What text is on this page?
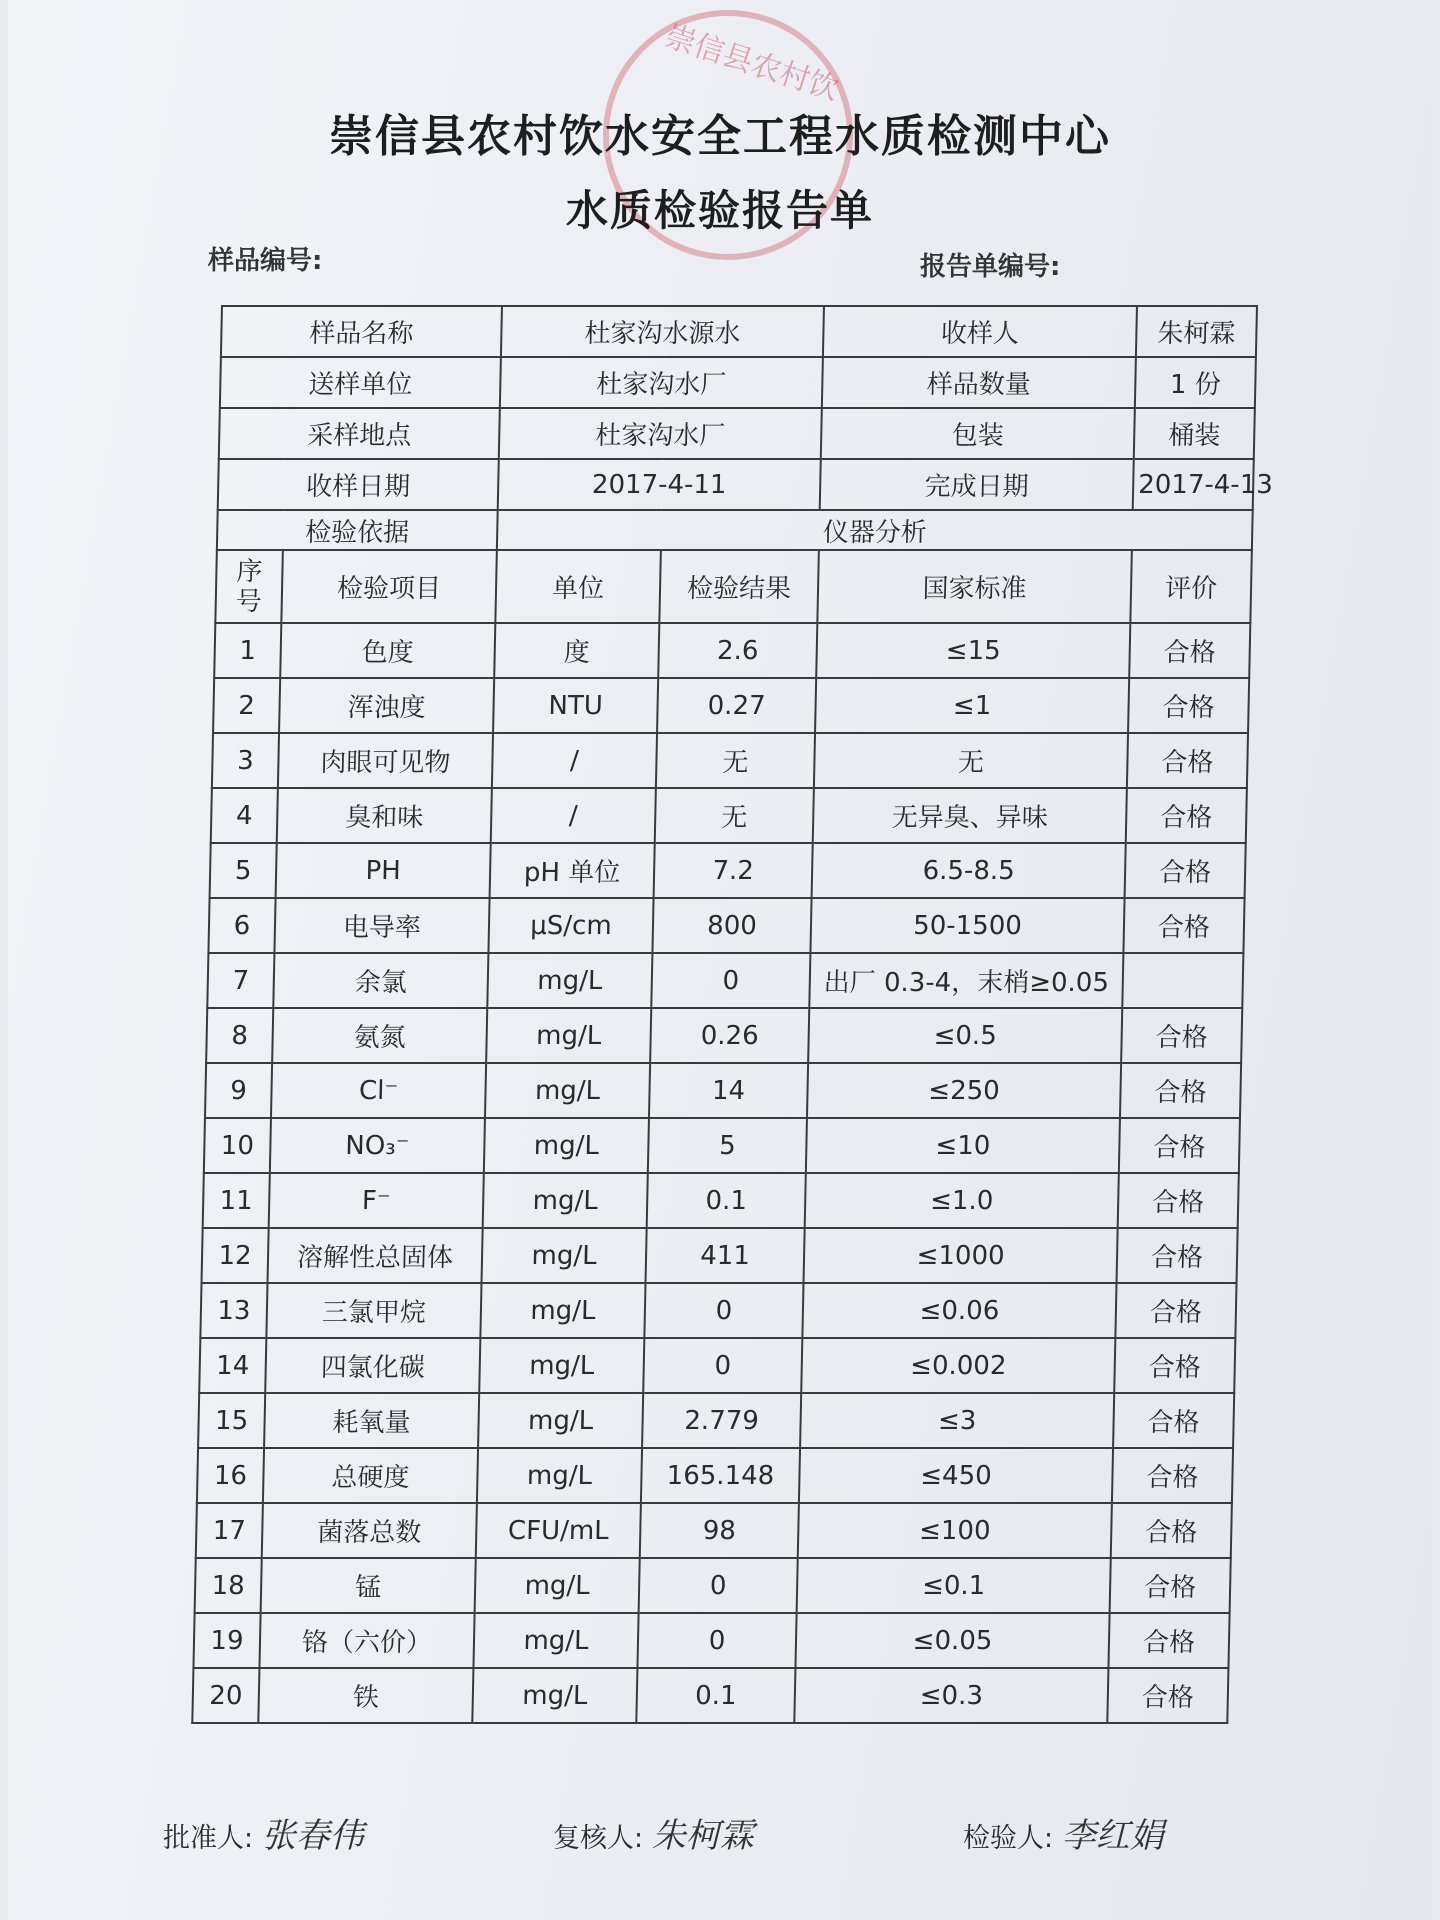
崇信县农村饮
崇信县农村饮水安全工程水质检测中心
水质检验报告单
样品编号:	报告单编号:
样品名称		杜家沟水源水		收样人	朱柯霖
送样单位		杜家沟水厂		样品数量	1 份
采样地点		杜家沟水厂		包装	桶装
收样日期		2017-4-11		完成日期	2017-4-13
检验依据		仪器分析			
序
号	检验项目	单位	检验结果	国家标准	评价
1	色度	度	2.6	≤15	合格
2	浑浊度	NTU	0.27	≤1	合格
3	肉眼可见物	/	无	无	合格
4	臭和味	/	无	无异臭、异味	合格
5	PH	pH 单位	7.2	6.5-8.5	合格
6	电导率	µS/cm	800	50-1500	合格
7	余氯	mg/L	0	出厂 0.3-4，末梢≥0.05	
8	氨氮	mg/L	0.26	≤0.5	合格
9	Cl⁻	mg/L	14	≤250	合格
10	NO₃⁻	mg/L	5	≤10	合格
11	F⁻	mg/L	0.1	≤1.0	合格
12	溶解性总固体	mg/L	411	≤1000	合格
13	三氯甲烷	mg/L	0	≤0.06	合格
14	四氯化碳	mg/L	0	≤0.002	合格
15	耗氧量	mg/L	2.779	≤3	合格
16	总硬度	mg/L	165.148	≤450	合格
17	菌落总数	CFU/mL	98	≤100	合格
18	锰	mg/L	0	≤0.1	合格
19	铬（六价）	mg/L	0	≤0.05	合格
20	铁	mg/L	0.1	≤0.3	合格
批准人: 张春伟	复核人: 朱柯霖	检验人: 李红娟
